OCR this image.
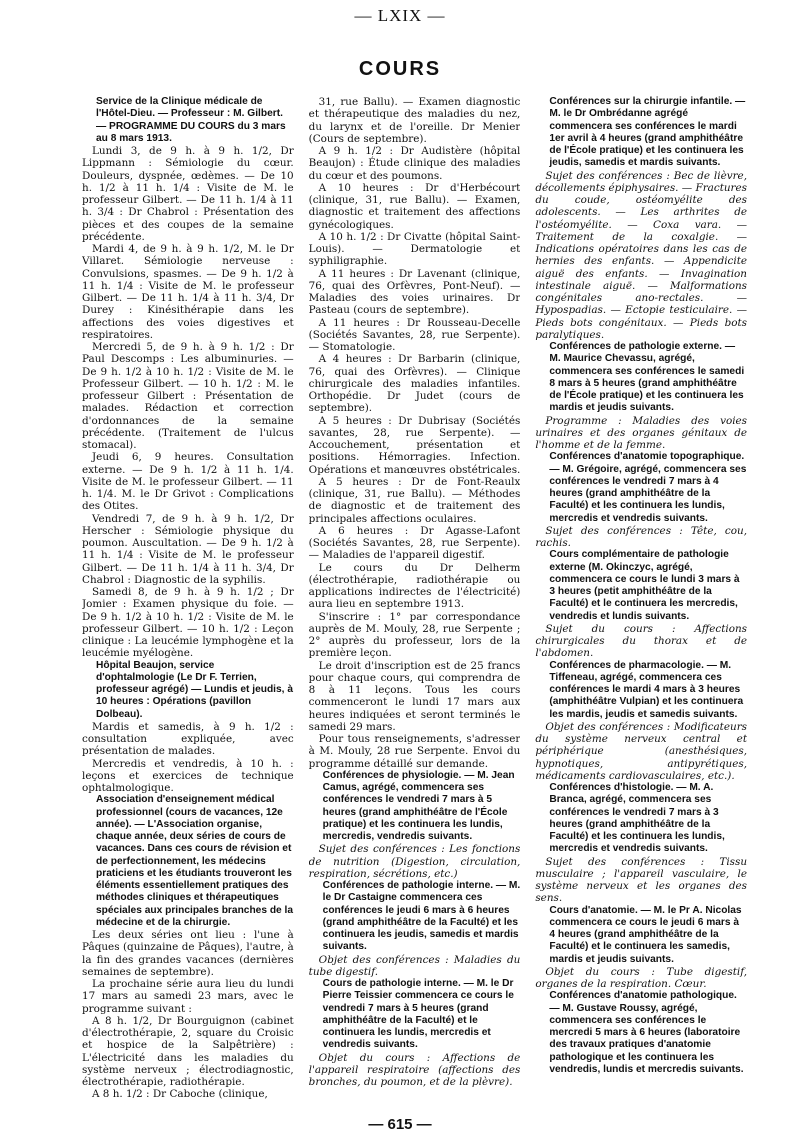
— LXIX —
COURS

Service de la Clinique médicale de l'Hôtel-Dieu. — Professeur : M. Gilbert. — PROGRAMME DU COURS du 3 mars au 8 mars 1913.

Lundi 3, de 9 h. à 9 h. 1/2, Dr Lippmann : Sémiologie du cœur. Douleurs, dyspnée, œdèmes. — De 10 h. 1/2 à 11 h. 1/4 : Visite de M. le professeur Gilbert. — De 11 h. 1/4 à 11 h. 3/4 : Dr Chabrol : Présentation des pièces et des coupes de la semaine précédente.

Mardi 4, de 9 h. à 9 h. 1/2, M. le Dr Villaret. Sémiologie nerveuse : Convulsions, spasmes. — De 9 h. 1/2 à 11 h. 1/4 : Visite de M. le professeur Gilbert. — De 11 h. 1/4 à 11 h. 3/4, Dr Durey : Kinésithérapie dans les affections des voies digestives et respiratoires.

Mercredi 5, de 9 h. à 9 h. 1/2 : Dr Paul Descomps : Les albuminuries. — De 9 h. 1/2 à 10 h. 1/2 : Visite de M. le Professeur Gilbert. — 10 h. 1/2 : M. le professeur Gilbert : Présentation de malades. Rédaction et correction d'ordonnances de la semaine précédente. (Traitement de l'ulcus stomacal).

Jeudi 6, 9 heures. Consultation externe. — De 9 h. 1/2 à 11 h. 1/4. Visite de M. le professeur Gilbert. — 11 h. 1/4. M. le Dr Grivot : Complications des Otites.

Vendredi 7, de 9 h. à 9 h. 1/2, Dr Herscher : Sémiologie physique du poumon. Auscultation. — De 9 h. 1/2 à 11 h. 1/4 : Visite de M. le professeur Gilbert. — De 11 h. 1/4 à 11 h. 3/4, Dr Chabrol : Diagnostic de la syphilis.

Samedi 8, de 9 h. à 9 h. 1/2 ; Dr Jomier : Examen physique du foie. — De 9 h. 1/2 à 10 h. 1/2 : Visite de M. le professeur Gilbert. — 10 h. 1/2 : Leçon clinique : La leucémie lymphogène et la leucémie myélogène.

Hôpital Beaujon, service d'ophtalmologie (Le Dr F. Terrien, professeur agrégé) — Lundis et jeudis, à 10 heures : Opérations (pavillon Dolbeau).

Mardis et samedis, à 9 h. 1/2 : consultation expliquée, avec présentation de malades.

Mercredis et vendredis, à 10 h. : leçons et exercices de technique ophtalmologique.

Association d'enseignement médical professionnel (cours de vacances, 12e année). — L'Association organise, chaque année, deux séries de cours de vacances. Dans ces cours de révision et de perfectionnement, les médecins praticiens et les étudiants trouveront les éléments essentiellement pratiques des méthodes cliniques et thérapeutiques spéciales aux principales branches de la médecine et de la chirurgie.

Les deux séries ont lieu : l'une à Pâques (quinzaine de Pâques), l'autre, à la fin des grandes vacances (dernières semaines de septembre).

La prochaine série aura lieu du lundi 17 mars au samedi 23 mars, avec le programme suivant :

A 8 h. 1/2, Dr Bourguignon (cabinet d'électrothérapie, 2, square du Croisic et hospice de la Salpêtrière) : L'électricité dans les maladies du système nerveux ; électrodiagnostic, électrothérapie, radiothérapie.

A 8 h. 1/2 : Dr Caboche (clinique,

31, rue Ballu). — Examen diagnostic et thérapeutique des maladies du nez, du larynx et de l'oreille. Dr Menier (Cours de septembre).

A 9 h. 1/2 : Dr Audistère (hôpital Beaujon) : Étude clinique des maladies du cœur et des poumons.

A 10 heures : Dr d'Herbécourt (clinique, 31, rue Ballu). — Examen, diagnostic et traitement des affections gynécologiques.

A 10 h. 1/2 : Dr Civatte (hôpital Saint-Louis). — Dermatologie et syphiligraphie.

A 11 heures : Dr Lavenant (clinique, 76, quai des Orfèvres, Pont-Neuf). — Maladies des voies urinaires. Dr Pasteau (cours de septembre).

A 11 heures : Dr Rousseau-Decelle (Sociétés Savantes, 28, rue Serpente). — Stomatologie.

A 4 heures : Dr Barbarin (clinique, 76, quai des Orfèvres). — Clinique chirurgicale des maladies infantiles. Orthopédie. Dr Judet (cours de septembre).

A 5 heures : Dr Dubrisay (Sociétés savantes, 28, rue Serpente). — Accouchement, présentation et positions. Hémorragies. Infection. Opérations et manœuvres obstétricales.

A 5 heures : Dr de Font-Reaulx (clinique, 31, rue Ballu). — Méthodes de diagnostic et de traitement des principales affections oculaires.

A 6 heures : Dr Agasse-Lafont (Sociétés Savantes, 28, rue Serpente). — Maladies de l'appareil digestif.

Le cours du Dr Delherm (électrothérapie, radiothérapie ou applications indirectes de l'électricité) aura lieu en septembre 1913.

S'inscrire : 1° par correspondance auprès de M. Mouly, 28, rue Serpente ; 2° auprès du professeur, lors de la première leçon.

Le droit d'inscription est de 25 francs pour chaque cours, qui comprendra de 8 à 11 leçons. Tous les cours commenceront le lundi 17 mars aux heures indiquées et seront terminés le samedi 29 mars.

Pour tous renseignements, s'adresser à M. Mouly, 28 rue Serpente. Envoi du programme détaillé sur demande.

Conférences de physiologie. — M. Jean Camus, agrégé, commencera ses conférences le vendredi 7 mars à 5 heures (grand amphithéâtre de l'École pratique) et les continuera les lundis, mercredis, vendredis suivants.

Sujet des conférences : Les fonctions de nutrition (Digestion, circulation, respiration, sécrétions, etc.)

Conférences de pathologie interne. — M. le Dr Castaigne commencera ces conférences le jeudi 6 mars à 6 heures (grand amphithéâtre de la Faculté) et les continuera les jeudis, samedis et mardis suivants.

Objet des conférences : Maladies du tube digestif.

Cours de pathologie interne. — M. le Dr Pierre Teissier commencera ce cours le vendredi 7 mars à 5 heures (grand amphithéâtre de la Faculté) et le continuera les lundis, mercredis et vendredis suivants.

Objet du cours : Affections de l'appareil respiratoire (affections des bronches, du poumon, et de la plèvre).

Conférences sur la chirurgie infantile. — M. le Dr Ombrédanne agrégé commencera ses conférences le mardi 1er avril à 4 heures (grand amphithéâtre de l'École pratique) et les continuera les jeudis, samedis et mardis suivants.

Sujet des conférences : Bec de lièvre, décollements épiphysaires. — Fractures du coude, ostéomyélite des adolescents. — Les arthrites de l'ostéomyélite. — Coxa vara. — Traitement de la coxalgie. — Indications opératoires dans les cas de hernies des enfants. — Appendicite aiguë des enfants. — Invagination intestinale aiguë. — Malformations congénitales ano-rectales. — Hypospadias. — Ectopie testiculaire. — Pieds bots congénitaux. — Pieds bots paralytiques.

Conférences de pathologie externe. — M. Maurice Chevassu, agrégé, commencera ses conférences le samedi 8 mars à 5 heures (grand amphithéâtre de l'École pratique) et les continuera les mardis et jeudis suivants.

Programme : Maladies des voies urinaires et des organes génitaux de l'homme et de la femme.

Conférences d'anatomie topographique. — M. Grégoire, agrégé, commencera ses conférences le vendredi 7 mars à 4 heures (grand amphithéâtre de la Faculté) et les continuera les lundis, mercredis et vendredis suivants.

Sujet des conférences : Tête, cou, rachis.

Cours complémentaire de pathologie externe (M. Okinczyc, agrégé, commencera ce cours le lundi 3 mars à 3 heures (petit amphithéâtre de la Faculté) et le continuera les mercredis, vendredis et lundis suivants.

Sujet du cours : Affections chirurgicales du thorax et de l'abdomen.

Conférences de pharmacologie. — M. Tiffeneau, agrégé, commencera ces conférences le mardi 4 mars à 3 heures (amphithéâtre Vulpian) et les continuera les mardis, jeudis et samedis suivants.

Objet des conférences : Modificateurs du système nerveux central et périphérique (anesthésiques, hypnotiques, antipyrétiques, médicaments cardiovasculaires, etc.).

Conférences d'histologie. — M. A. Branca, agrégé, commencera ses conférences le vendredi 7 mars à 3 heures (grand amphithéâtre de la Faculté) et les continuera les lundis, mercredis et vendredis suivants.

Sujet des conférences : Tissu musculaire ; l'appareil vasculaire, le système nerveux et les organes des sens.

Cours d'anatomie. — M. le Pr A. Nicolas commencera ce cours le jeudi 6 mars à 4 heures (grand amphithéâtre de la Faculté) et le continuera les samedis, mardis et jeudis suivants.

Objet du cours : Tube digestif, organes de la respiration. Cœur.

Conférences d'anatomie pathologique. — M. Gustave Roussy, agrégé, commencera ses conférences le mercredi 5 mars à 6 heures (laboratoire des travaux pratiques d'anatomie pathologique et les continuera les vendredis, lundis et mercredis suivants.

— 615 —
